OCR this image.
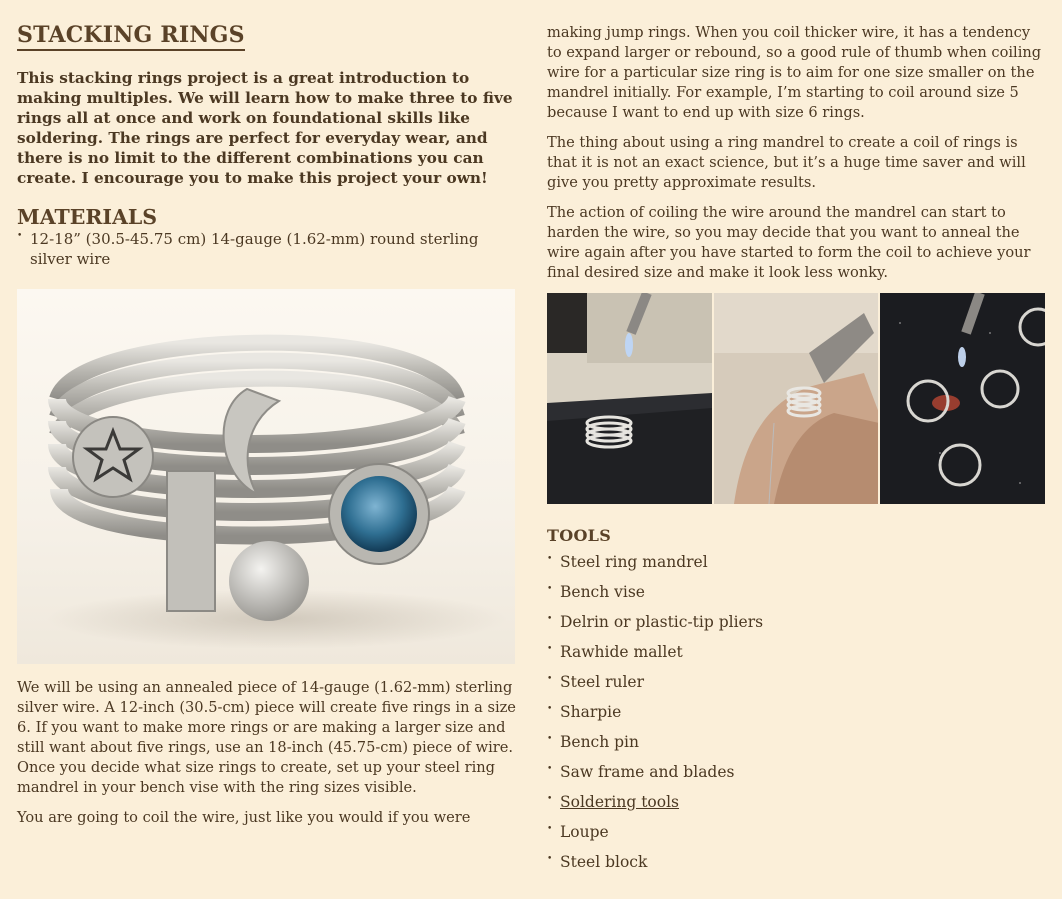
STACKING RINGS

This stacking rings project is a great introduction to making multiples. We will learn how to make three to five rings all at once and work on foundational skills like soldering. The rings are perfect for everyday wear, and there is no limit to the different combinations you can create. I encourage you to make this project your own!

MATERIALS
• 12-18” (30.5-45.75 cm) 14-gauge (1.62-mm) round sterling silver wire

We will be using an annealed piece of 14-gauge (1.62-mm) sterling silver wire. A 12-inch (30.5-cm) piece will create five rings in a size 6. If you want to make more rings or are making a larger size and still want about five rings, use an 18-inch (45.75-cm) piece of wire. Once you decide what size rings to create, set up your steel ring mandrel in your bench vise with the ring sizes visible.

You are going to coil the wire, just like you would if you were

making jump rings. When you coil thicker wire, it has a tendency to expand larger or rebound, so a good rule of thumb when coiling wire for a particular size ring is to aim for one size smaller on the mandrel initially. For example, I’m starting to coil around size 5 because I want to end up with size 6 rings.

The thing about using a ring mandrel to create a coil of rings is that it is not an exact science, but it’s a huge time saver and will give you pretty approximate results.

The action of coiling the wire around the mandrel can start to harden the wire, so you may decide that you want to anneal the wire again after you have started to form the coil to achieve your final desired size and make it look less wonky.

TOOLS
• Steel ring mandrel
• Bench vise
• Delrin or plastic-tip pliers
• Rawhide mallet
• Steel ruler
• Sharpie
• Bench pin
• Saw frame and blades
• Soldering tools
• Loupe
• Steel block
